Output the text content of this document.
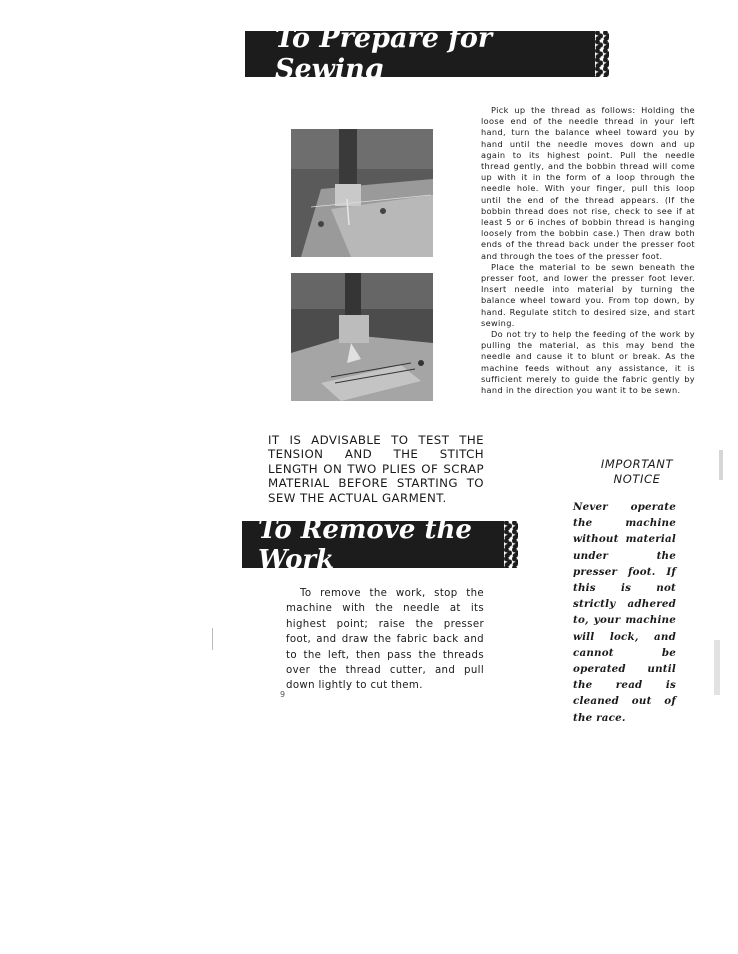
To Prepare for Sewing

Pick up the thread as follows: Holding the loose end of the needle thread in your left hand, turn the balance wheel toward you by hand until the needle moves down and up again to its highest point. Pull the needle thread gently, and the bobbin thread will come up with it in the form of a loop through the needle hole. With your finger, pull this loop until the end of the thread appears. (If the bobbin thread does not rise, check to see if at least 5 or 6 inches of bobbin thread is hanging loosely from the bobbin case.) Then draw both ends of the thread back under the presser foot and through the toes of the presser foot.

Place the material to be sewn beneath the presser foot, and lower the presser foot lever. Insert needle into material by turning the balance wheel toward you. From top down, by hand. Regulate stitch to desired size, and start sewing.

Do not try to help the feeding of the work by pulling the material, as this may bend the needle and cause it to blunt or break. As the machine feeds without any assistance, it is sufficient merely to guide the fabric gently by hand in the direction you want it to be sewn.

IT IS ADVISABLE TO TEST THE TENSION AND THE STITCH LENGTH ON TWO PLIES OF SCRAP MATERIAL BEFORE STARTING TO SEW THE ACTUAL GARMENT.
IMPORTANT
NOTICE
Never operate the machine without material under the presser foot. If this is not strictly adhered to, your machine will lock, and cannot be operated until the read is cleaned out of the race.
To Remove the Work

To remove the work, stop the machine with the needle at its highest point; raise the presser foot, and draw the fabric back and to the left, then pass the threads over the thread cutter, and pull down lightly to cut them.

9
